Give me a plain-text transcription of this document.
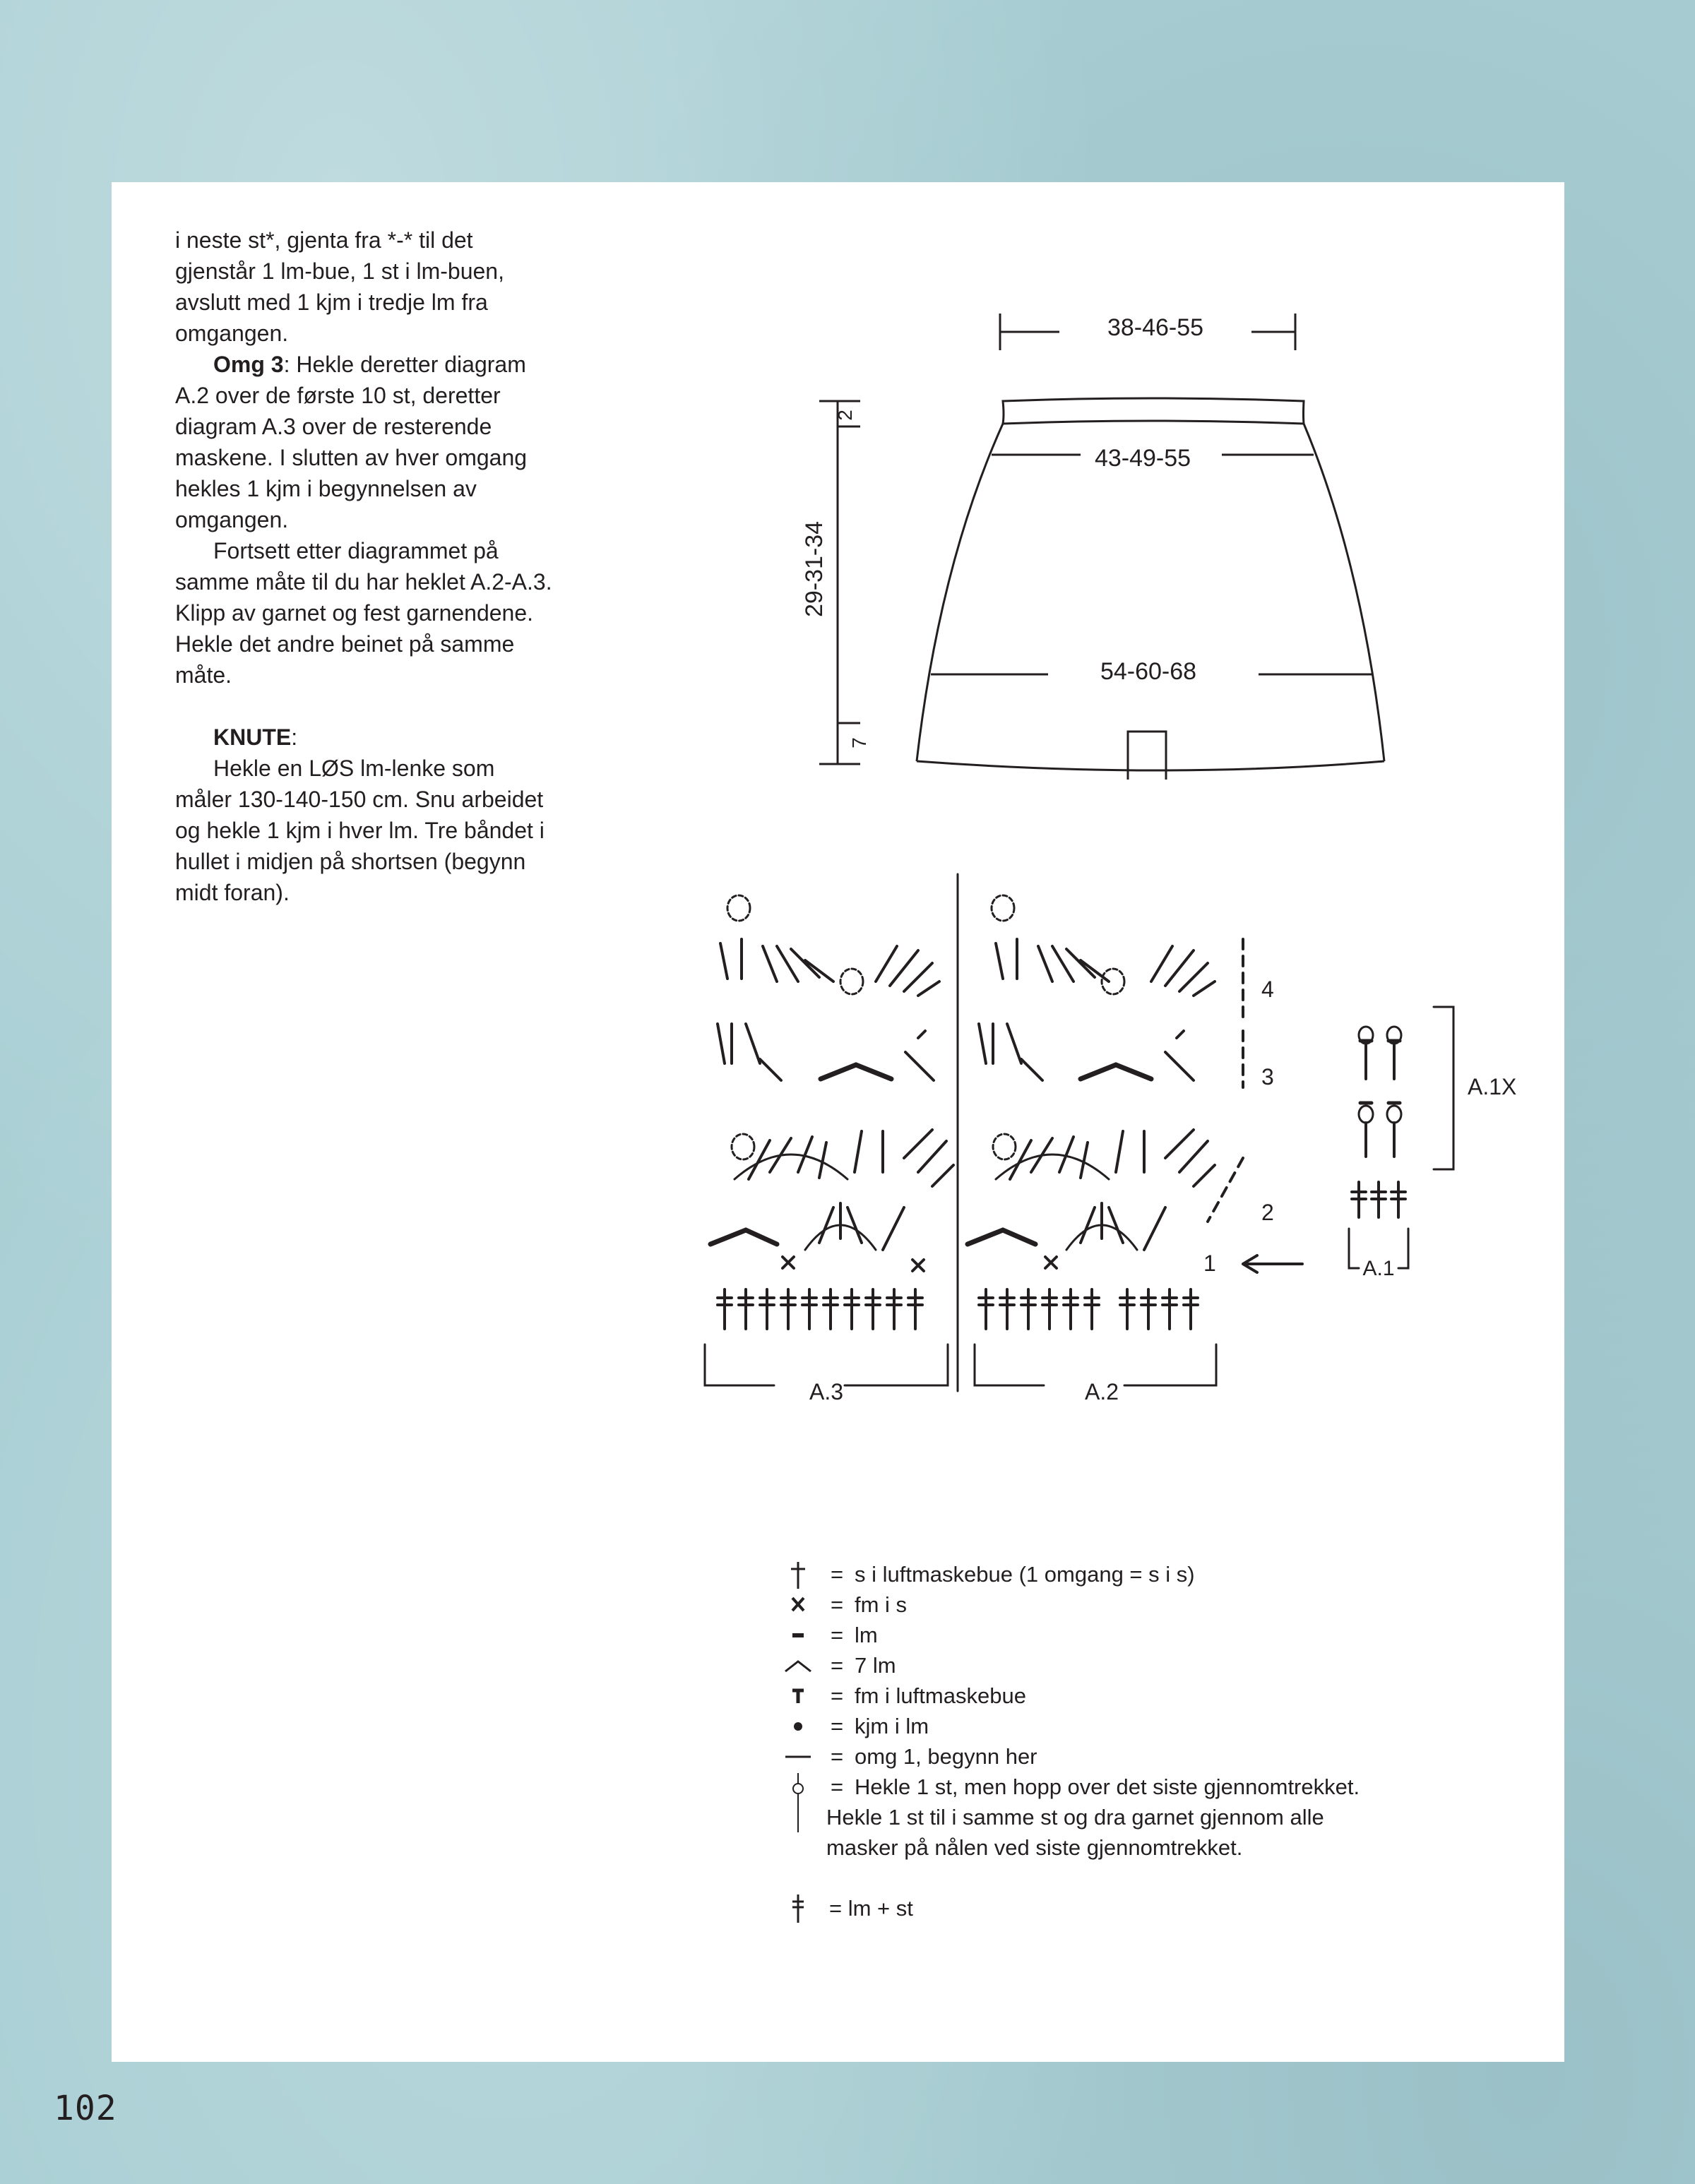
i neste st*, gjenta fra *-* til det gjenstår 1 lm-bue, 1 st i lm-buen, avslutt med 1 kjm i tredje lm fra omgangen.

Omg 3: Hekle deretter diagram A.2 over de første 10 st, deretter diagram A.3 over de resterende maskene. I slutten av hver omgang hekles 1 kjm i begynnelsen av omgangen.

Fortsett etter diagrammet på samme måte til du har heklet A.2-A.3. Klipp av garnet og fest garnendene. Hekle det andre beinet på samme måte.

KNUTE:

Hekle en LØS lm-lenke som måler 130-140-150 cm. Snu arbeidet og hekle 1 kjm i hver lm. Tre båndet i hullet i midjen på shortsen (begynn midt foran).

38-46-55
43-49-55
54-60-68
2
29-31-34
7
1
2
3
4
A.3	A.2
A.1X
A.1
= s i luftmaskebue (1 omgang = s i s)
= fm i s
= lm
= 7 lm
= fm i luftmaskebue
= kjm i lm
= omg 1, begynn her
= Hekle 1 st, men hopp over det siste gjennomtrekket.
Hekle 1 st til i samme st og dra garnet gjennom alle
masker på nålen ved siste gjennomtrekket.
= lm + st
102
